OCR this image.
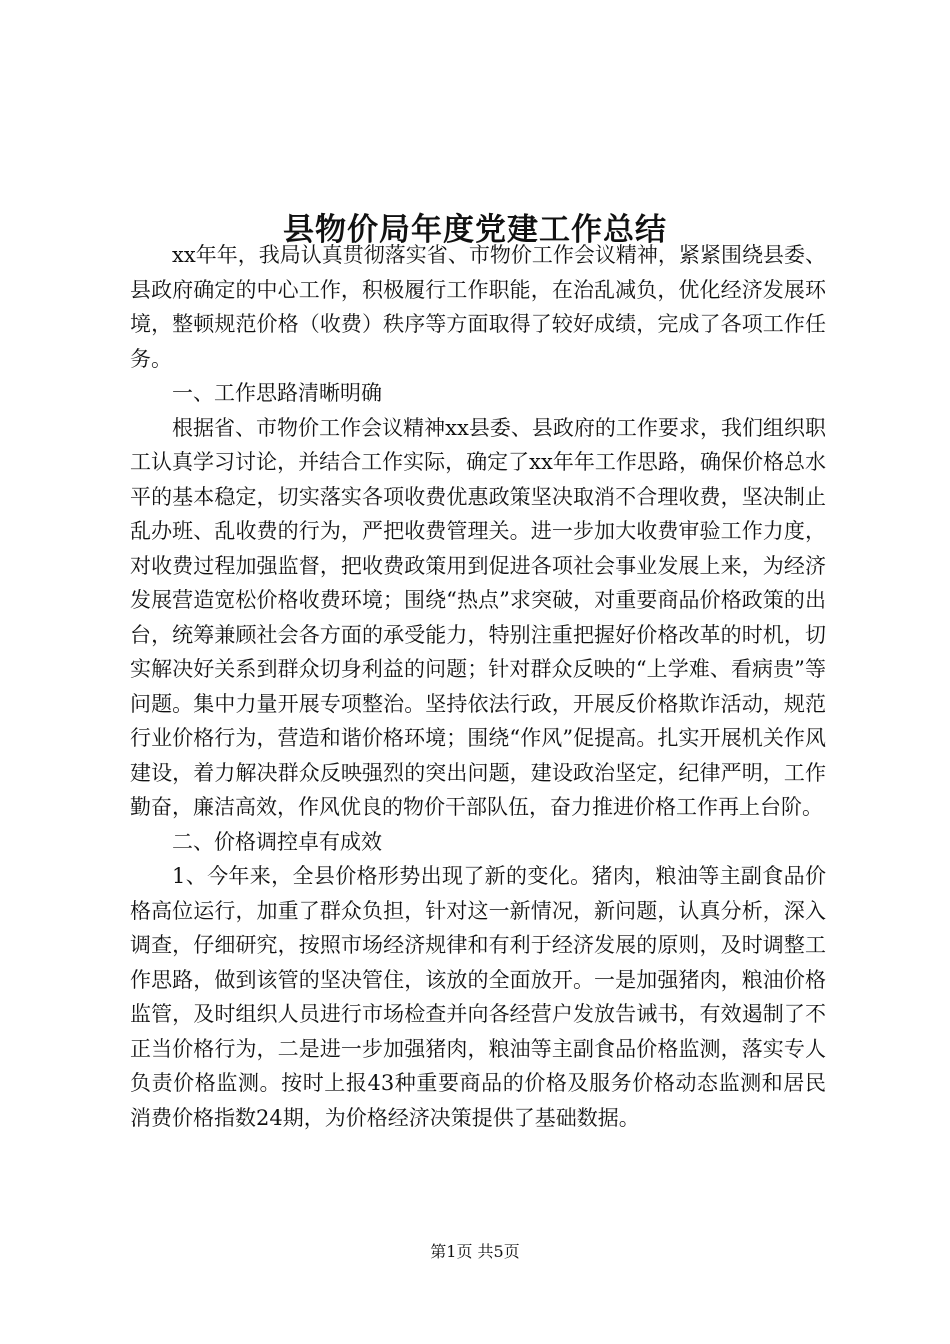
县物价局年度党建工作总结

xx年年，我局认真贯彻落实省、市物价工作会议精神，紧紧围绕县委、县政府确定的中心工作，积极履行工作职能，在治乱减负，优化经济发展环境，整顿规范价格（收费）秩序等方面取得了较好成绩，完成了各项工作任务。

一、工作思路清晰明确

根据省、市物价工作会议精神xx县委、县政府的工作要求，我们组织职工认真学习讨论，并结合工作实际，确定了xx年年工作思路，确保价格总水平的基本稳定，切实落实各项收费优惠政策坚决取消不合理收费，坚决制止乱办班、乱收费的行为，严把收费管理关。进一步加大收费审验工作力度，对收费过程加强监督，把收费政策用到促进各项社会事业发展上来，为经济发展营造宽松价格收费环境；围绕“热点”求突破，对重要商品价格政策的出台，统筹兼顾社会各方面的承受能力，特别注重把握好价格改革的时机，切实解决好关系到群众切身利益的问题；针对群众反映的“上学难、看病贵”等问题。集中力量开展专项整治。坚持依法行政，开展反价格欺诈活动，规范行业价格行为，营造和谐价格环境；围绕“作风”促提高。扎实开展机关作风建设，着力解决群众反映强烈的突出问题，建设政治坚定，纪律严明，工作勤奋，廉洁高效，作风优良的物价干部队伍，奋力推进价格工作再上台阶。

二、价格调控卓有成效

1、今年来，全县价格形势出现了新的变化。猪肉，粮油等主副食品价格高位运行，加重了群众负担，针对这一新情况，新问题，认真分析，深入调查，仔细研究，按照市场经济规律和有利于经济发展的原则，及时调整工作思路，做到该管的坚决管住，该放的全面放开。一是加强猪肉，粮油价格监管，及时组织人员进行市场检查并向各经营户发放告诫书，有效遏制了不正当价格行为，二是进一步加强猪肉，粮油等主副食品价格监测，落实专人负责价格监测。按时上报43种重要商品的价格及服务价格动态监测和居民消费价格指数24期，为价格经济决策提供了基础数据。

第1页 共5页
